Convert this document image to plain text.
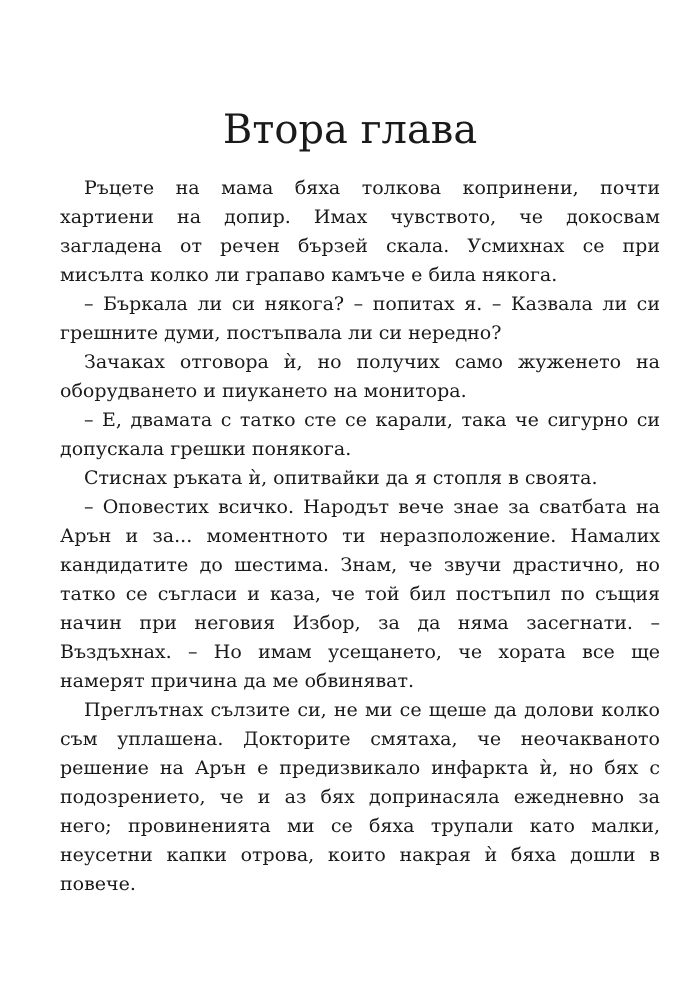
Втора глава

Ръцете на мама бяха толкова копринени, почти хартиени на допир. Имах чувството, че докосвам загладена от речен бързей скала. Усмихнах се при мисълта колко ли грапаво камъче е била някога.

– Бъркала ли си някога? – попитах я. – Казвала ли си грешните думи, постъпвала ли си нередно?

Зачаках отговора ѝ, но получих само жуженето на оборудването и пиукането на монитора.

– Е, двамата с татко сте се карали, така че сигурно си допускала грешки понякога.

Стиснах ръката ѝ, опитвайки да я стопля в своята.

– Оповестих всичко. Народът вече знае за сватбата на Арън и за... моментното ти неразположение. Намалих кандидатите до шестима. Знам, че звучи драстично, но татко се съгласи и каза, че той бил постъпил по същия начин при неговия Избор, за да няма засегнати. – Въздъхнах. – Но имам усещането, че хората все ще намерят причина да ме обвиняват.

Преглътнах сълзите си, не ми се щеше да долови колко съм уплашена. Докторите смятаха, че неочакваното решение на Арън е предизвикало инфаркта ѝ, но бях с подозрението, че и аз бях допринасяла ежедневно за него; провиненията ми се бяха трупали като малки, неусетни капки отрова, които накрая ѝ бяха дошли в повече.
